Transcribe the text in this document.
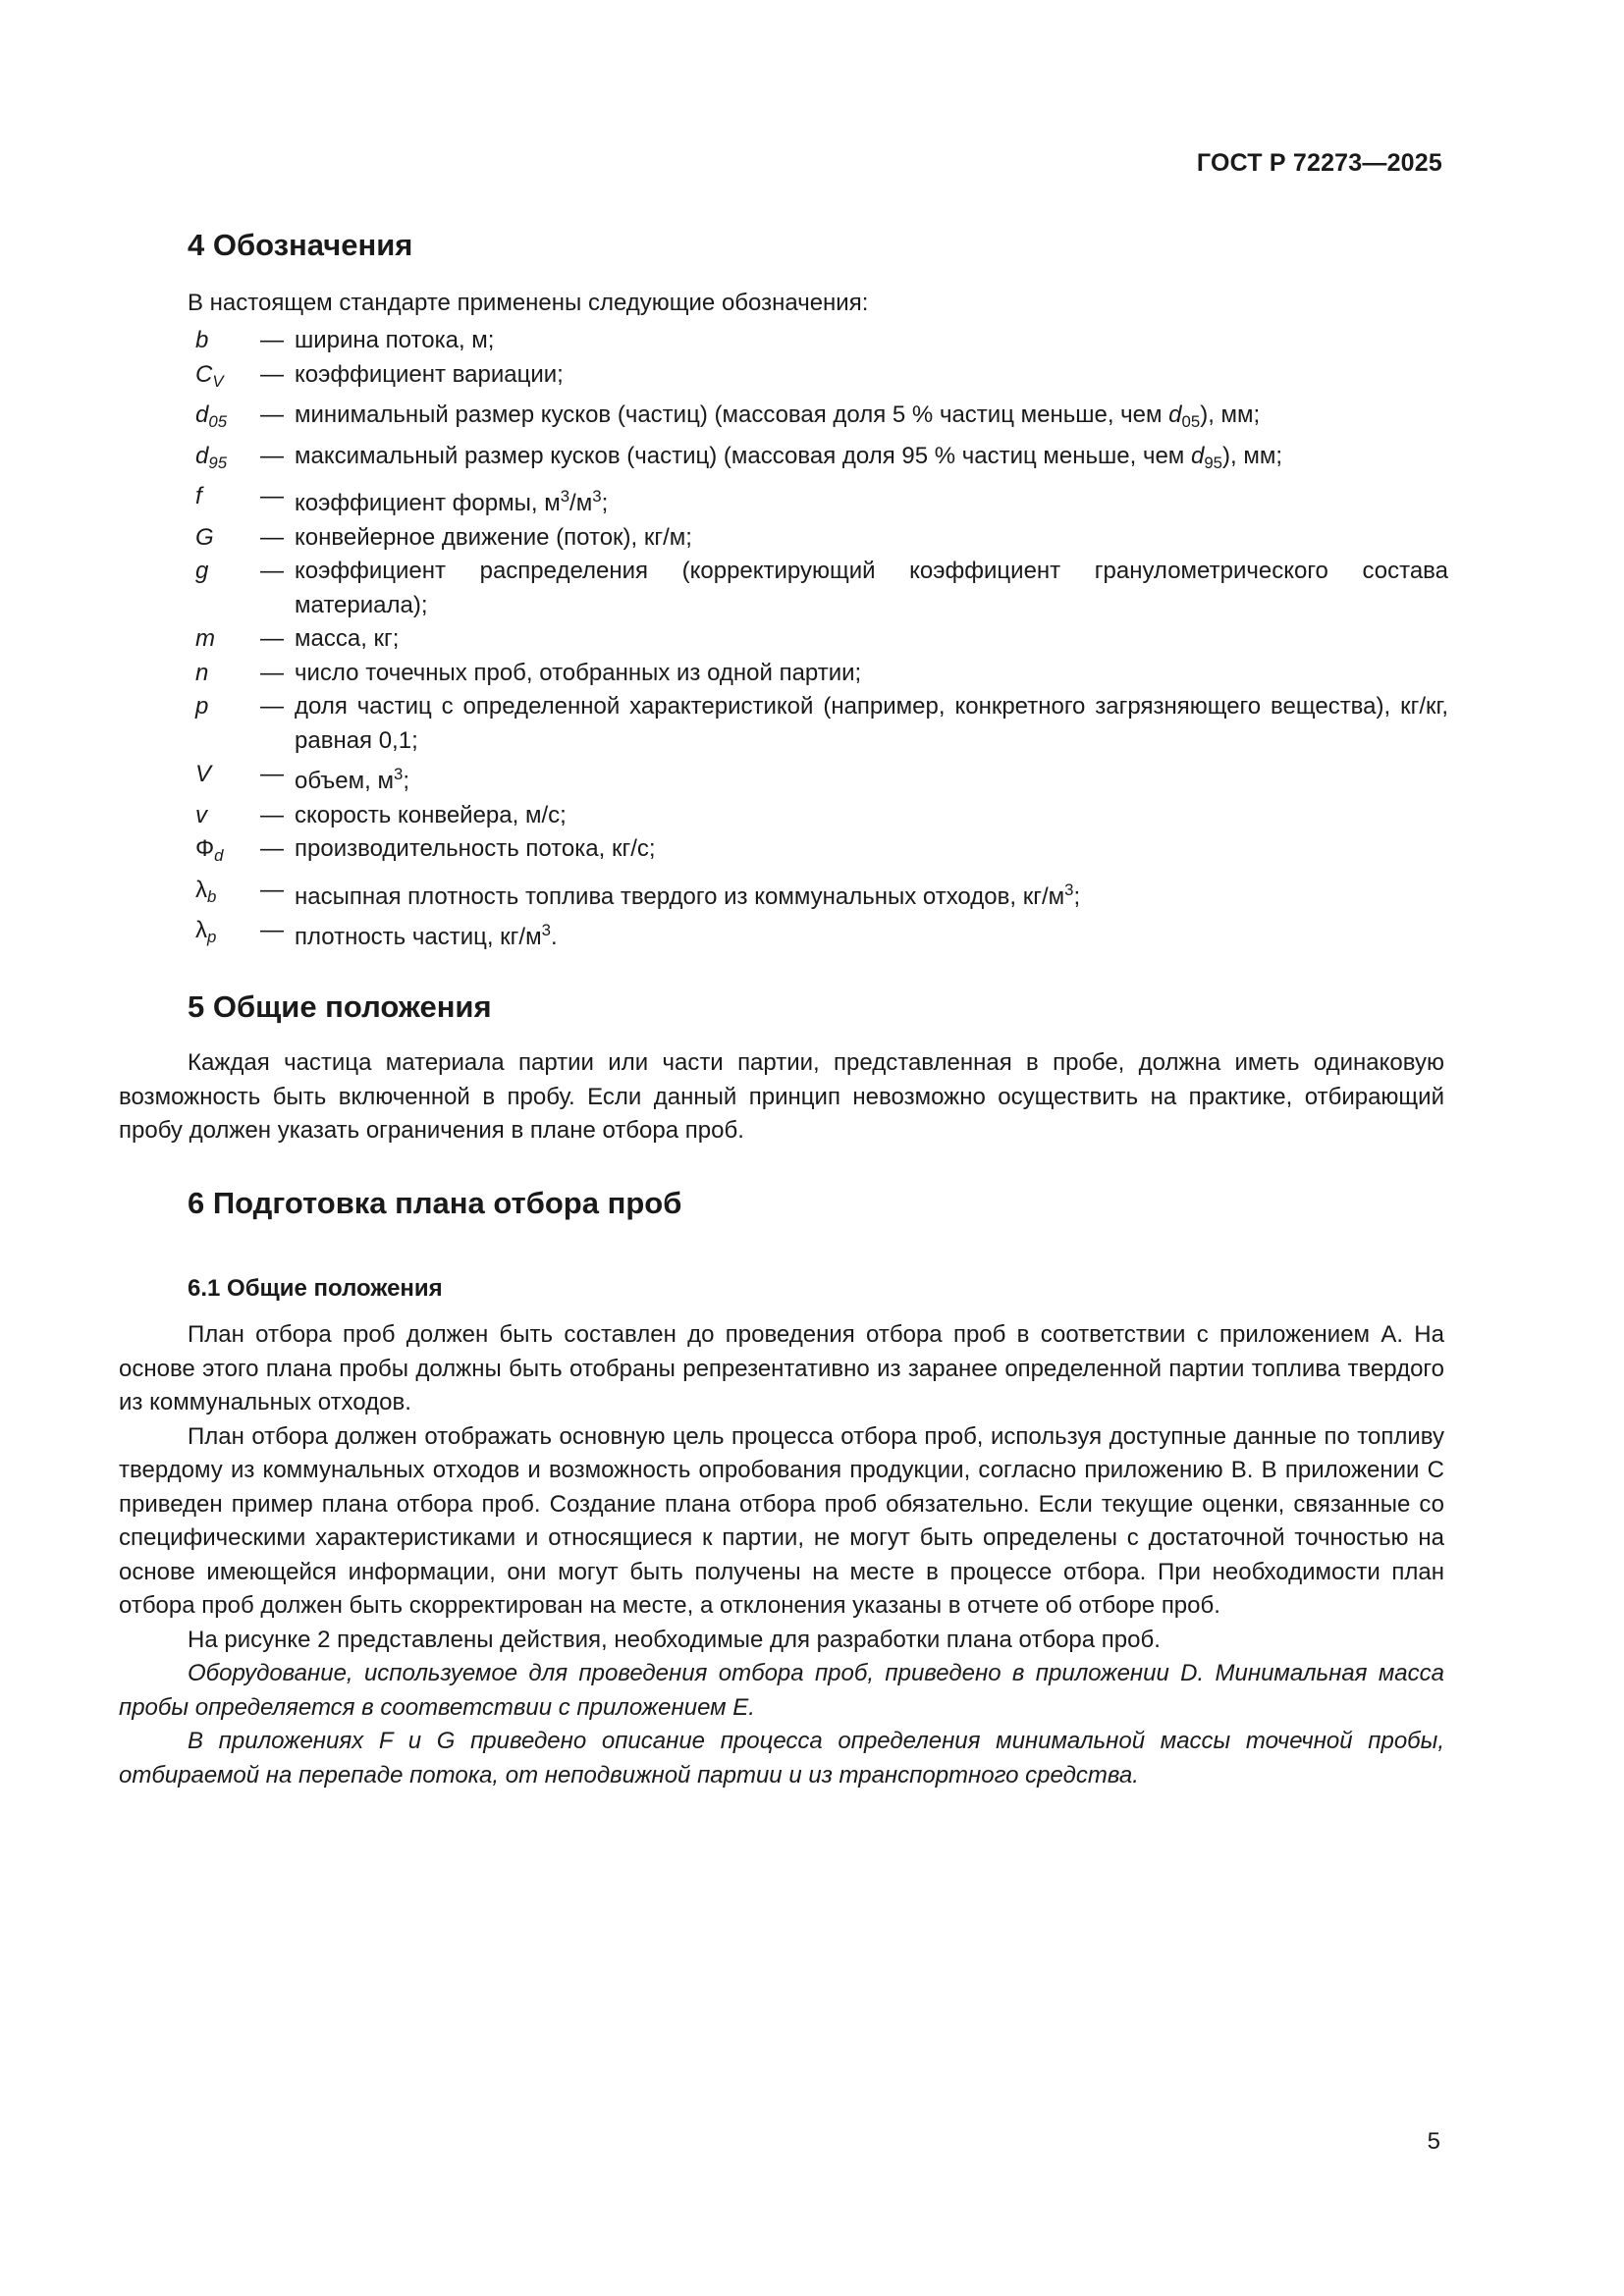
ГОСТ Р 72273—2025
4 Обозначения
В настоящем стандарте применены следующие обозначения:
b	— ширина потока, м;
$C_V$	— коэффициент вариации;
$d_{05}$	— минимальный размер кусков (частиц) (массовая доля 5 % частиц меньше, чем $d_{05}$), мм;
$d_{95}$	— максимальный размер кусков (частиц) (массовая доля 95 % частиц меньше, чем $d_{95}$), мм;
f	— коэффициент формы, $м^3/м^3$;
G	— конвейерное движение (поток), кг/м;
g	— коэффициент распределения (корректирующий коэффициент гранулометрического состава материала);
m	— масса, кг;
n	— число точечных проб, отобранных из одной партии;
p	— доля частиц с определенной характеристикой (например, конкретного загрязняющего вещества), кг/кг, равная 0,1;
V	— объем, $м^3$;
v	— скорость конвейера, м/с;
$\Phi_d$	— производительность потока, кг/с;
$\lambda_b$	— насыпная плотность топлива твердого из коммунальных отходов, $кг/м^3$;
$\lambda_p$	— плотность частиц, $кг/м^3$.
5 Общие положения

Каждая частица материала партии или части партии, представленная в пробе, должна иметь одинаковую возможность быть включенной в пробу. Если данный принцип невозможно осуществить на практике, отбирающий пробу должен указать ограничения в плане отбора проб.

6 Подготовка плана отбора проб
6.1 Общие положения

План отбора проб должен быть составлен до проведения отбора проб в соответствии с приложением А. На основе этого плана пробы должны быть отобраны репрезентативно из заранее определенной партии топлива твердого из коммунальных отходов.

План отбора должен отображать основную цель процесса отбора проб, используя доступные данные по топливу твердому из коммунальных отходов и возможность опробования продукции, согласно приложению В. В приложении С приведен пример плана отбора проб. Создание плана отбора проб обязательно. Если текущие оценки, связанные со специфическими характеристиками и относящиеся к партии, не могут быть определены с достаточной точностью на основе имеющейся информации, они могут быть получены на месте в процессе отбора. При необходимости план отбора проб должен быть скорректирован на месте, а отклонения указаны в отчете об отборе проб.

На рисунке 2 представлены действия, необходимые для разработки плана отбора проб.

Оборудование, используемое для проведения отбора проб, приведено в приложении D. Минимальная масса пробы определяется в соответствии с приложением E.

В приложениях F и G приведено описание процесса определения минимальной массы точечной пробы, отбираемой на перепаде потока, от неподвижной партии и из транспортного средства.

5
